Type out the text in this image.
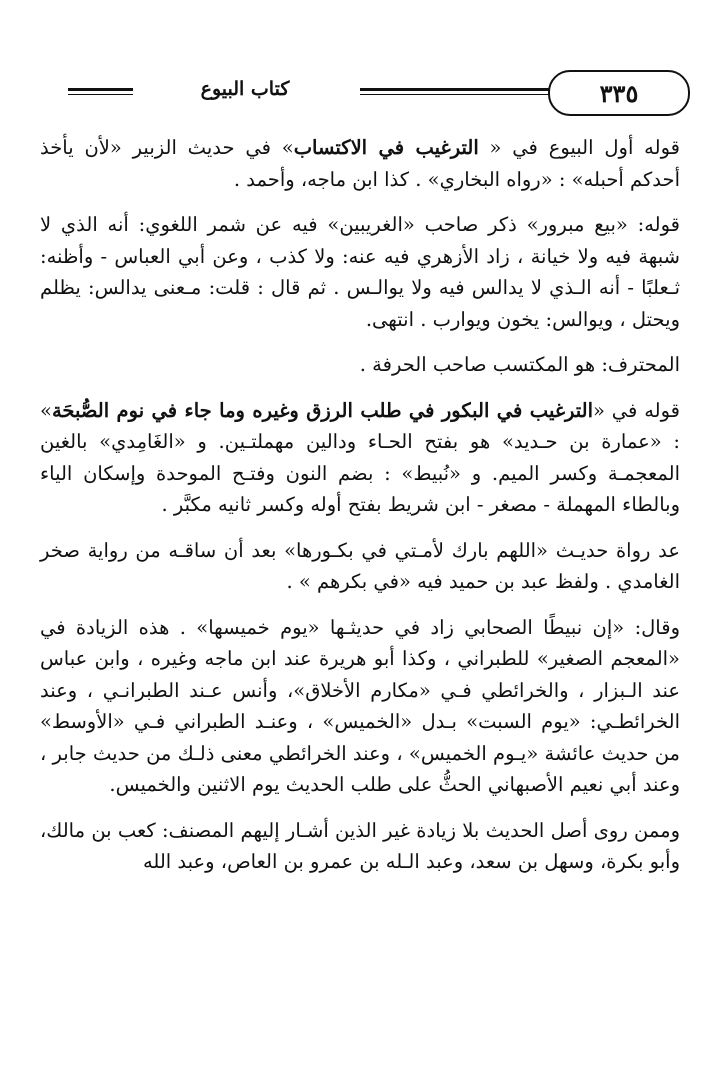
٣٣٥
كتاب البيوع

قوله أول البيوع في « الترغيب في الاكتساب» في حديث الزبير «لأن يأخذ أحدكم أحبله» : «رواه البخاري» . كذا ابن ماجه، وأحمد .

قوله: «بيع مبرور» ذكر صاحب «الغريبين» فيه عن شمر اللغوي: أنه الذي لا شبهة فيه ولا خيانة ، زاد الأزهري فيه عنه: ولا كذب ، وعن أبي العباس - وأظنه: ثـعلبًا - أنه الـذي لا يدالس فيه ولا يوالـس . ثم قال : قلت: مـعنى يدالس: يظلم ويحتل ، ويوالس: يخون ويوارب . انتهى.

المحترف: هو المكتسب صاحب الحرفة .

قوله في «الترغيب في البكور في طلب الرزق وغيره وما جاء في نوم الصُّبحَة» : «عمارة بن حـديد» هو بفتح الحـاء ودالين مهملتـين. و «الغَامِدي» بالغين المعجمـة وكسر الميم. و «نُبيط» : بضم النون وفتـح الموحدة وإسكان الياء وبالطاء المهملة - مصغر - ابن شريط بفتح أوله وكسر ثانيه مكبَّر .

عد رواة حديـث «اللهم بارك لأمـتي في بكـورها» بعد أن ساقـه من رواية صخر الغامدي . ولفظ عبد بن حميد فيه «في بكرهم » .

وقال: «إن نبيطًا الصحابي زاد في حديثـها «يوم خميسها» . هذه الزيادة في «المعجم الصغير» للطبراني ، وكذا أبو هريرة عند ابن ماجه وغيره ، وابن عباس عند الـبزار ، والخرائطي فـي «مكارم الأخلاق»، وأنس عـند الطبرانـي ، وعند الخرائطـي: «يوم السبت» بـدل «الخميس» ، وعنـد الطبراني فـي «الأوسط» من حديث عائشة «يـوم الخميس» ، وعند الخرائطي معنى ذلـك من حديث جابر ، وعند أبي نعيم الأصبهاني الحثُّ على طلب الحديث يوم الاثنين والخميس.

وممن روى أصل الحديث بلا زيادة غير الذين أشـار إليهم المصنف: كعب بن مالك، وأبو بكرة، وسهل بن سعد، وعبد الـله بن عمرو بن العاص، وعبد الله
